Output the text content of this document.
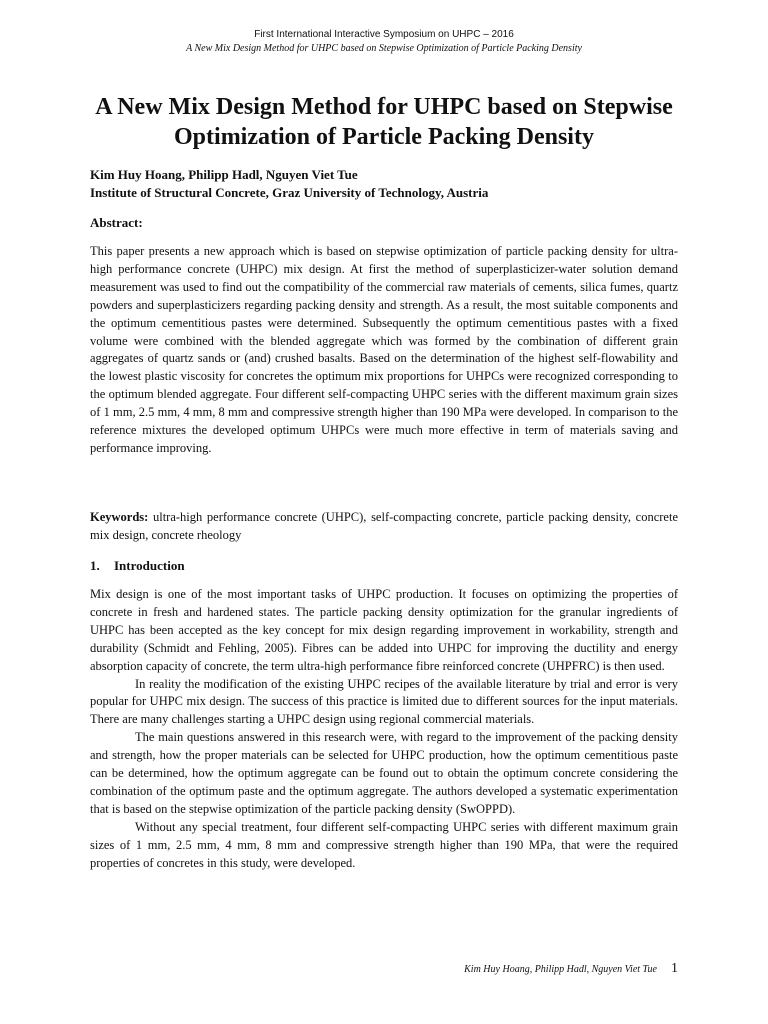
First International Interactive Symposium on UHPC – 2016
A New Mix Design Method for UHPC based on Stepwise Optimization of Particle Packing Density
A New Mix Design Method for UHPC based on Stepwise Optimization of Particle Packing Density
Kim Huy Hoang, Philipp Hadl, Nguyen Viet Tue
Institute of Structural Concrete, Graz University of Technology, Austria
Abstract:

This paper presents a new approach which is based on stepwise optimization of particle packing density for ultra-high performance concrete (UHPC) mix design. At first the method of superplasticizer-water solution demand measurement was used to find out the compatibility of the commercial raw materials of cements, silica fumes, quartz powders and superplasticizers regarding packing density and strength. As a result, the most suitable components and the optimum cementitious pastes were determined. Subsequently the optimum cementitious pastes with a fixed volume were combined with the blended aggregate which was formed by the combination of different grain aggregates of quartz sands or (and) crushed basalts. Based on the determination of the highest self-flowability and the lowest plastic viscosity for concretes the optimum mix proportions for UHPCs were recognized corresponding to the optimum blended aggregate. Four different self-compacting UHPC series with the different maximum grain sizes of 1 mm, 2.5 mm, 4 mm, 8 mm and compressive strength higher than 190 MPa were developed. In comparison to the reference mixtures the developed optimum UHPCs were much more effective in term of materials saving and performance improving.

Keywords: ultra-high performance concrete (UHPC), self-compacting concrete, particle packing density, concrete mix design, concrete rheology

1. Introduction

Mix design is one of the most important tasks of UHPC production. It focuses on optimizing the properties of concrete in fresh and hardened states. The particle packing density optimization for the granular ingredients of UHPC has been accepted as the key concept for mix design regarding improvement in workability, strength and durability (Schmidt and Fehling, 2005). Fibres can be added into UHPC for improving the ductility and energy absorption capacity of concrete, the term ultra-high performance fibre reinforced concrete (UHPFRC) is then used.

In reality the modification of the existing UHPC recipes of the available literature by trial and error is very popular for UHPC mix design. The success of this practice is limited due to different sources for the input materials. There are many challenges starting a UHPC design using regional commercial materials.

The main questions answered in this research were, with regard to the improvement of the packing density and strength, how the proper materials can be selected for UHPC production, how the optimum cementitious paste can be determined, how the optimum aggregate can be found out to obtain the optimum concrete considering the combination of the optimum paste and the optimum aggregate. The authors developed a systematic experimentation that is based on the stepwise optimization of the particle packing density (SwOPPD).

Without any special treatment, four different self-compacting UHPC series with different maximum grain sizes of 1 mm, 2.5 mm, 4 mm, 8 mm and compressive strength higher than 190 MPa, that were the required properties of concretes in this study, were developed.

Kim Huy Hoang, Philipp Hadl, Nguyen Viet Tue 1
